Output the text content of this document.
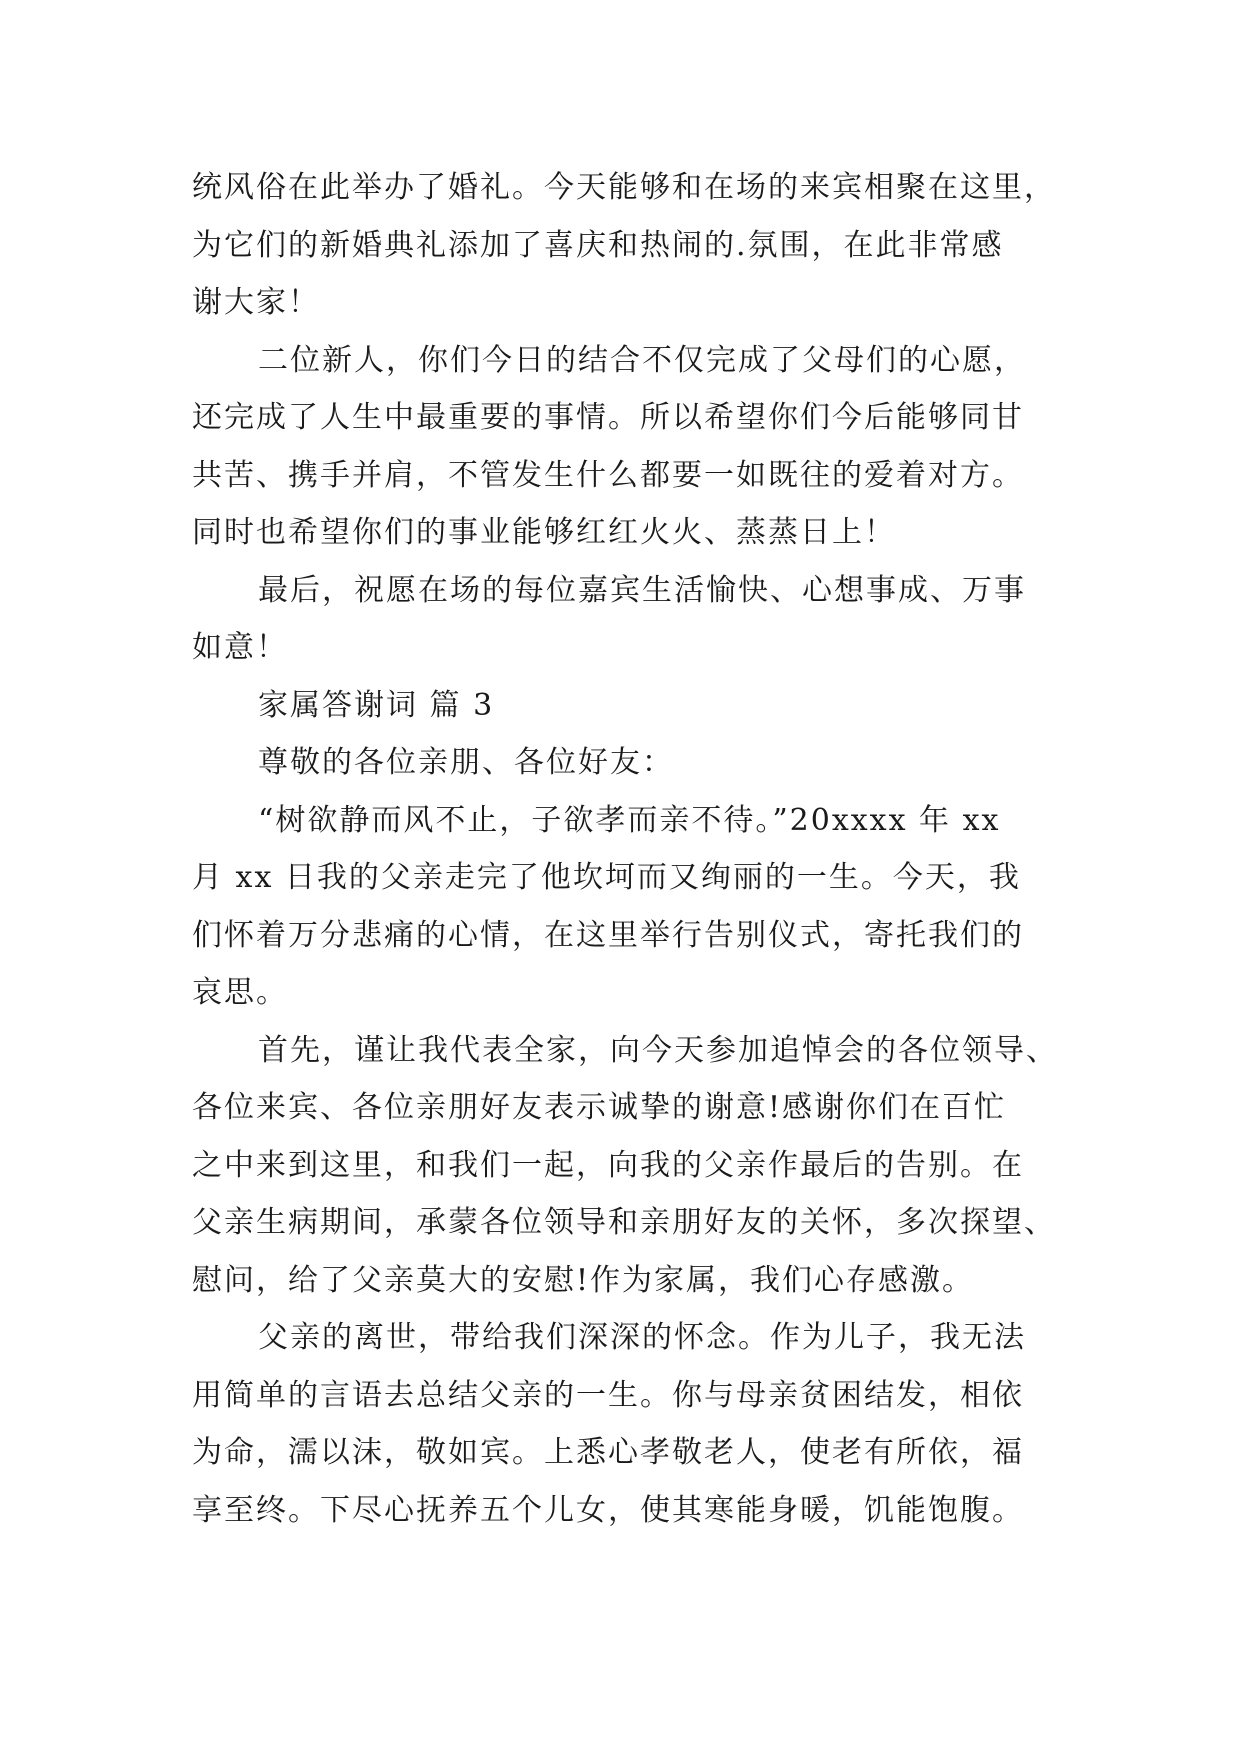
统风俗在此举办了婚礼。今天能够和在场的来宾相聚在这里，
为它们的新婚典礼添加了喜庆和热闹的.氛围，在此非常感
谢大家！
二位新人，你们今日的结合不仅完成了父母们的心愿，
还完成了人生中最重要的事情。所以希望你们今后能够同甘
共苦、携手并肩，不管发生什么都要一如既往的爱着对方。
同时也希望你们的事业能够红红火火、蒸蒸日上！
最后，祝愿在场的每位嘉宾生活愉快、心想事成、万事
如意！
家属答谢词 篇 3
尊敬的各位亲朋、各位好友：
“树欲静而风不止，子欲孝而亲不待。”20xxxx 年 xx
月 xx 日我的父亲走完了他坎坷而又绚丽的一生。今天，我
们怀着万分悲痛的心情，在这里举行告别仪式，寄托我们的
哀思。
首先，谨让我代表全家，向今天参加追悼会的各位领导、
各位来宾、各位亲朋好友表示诚挚的谢意!感谢你们在百忙
之中来到这里，和我们一起，向我的父亲作最后的告别。在
父亲生病期间，承蒙各位领导和亲朋好友的关怀，多次探望、
慰问，给了父亲莫大的安慰!作为家属，我们心存感激。
父亲的离世，带给我们深深的怀念。作为儿子，我无法
用简单的言语去总结父亲的一生。你与母亲贫困结发，相依
为命，濡以沫，敬如宾。上悉心孝敬老人，使老有所依，福
享至终。下尽心抚养五个儿女，使其寒能身暖，饥能饱腹。
